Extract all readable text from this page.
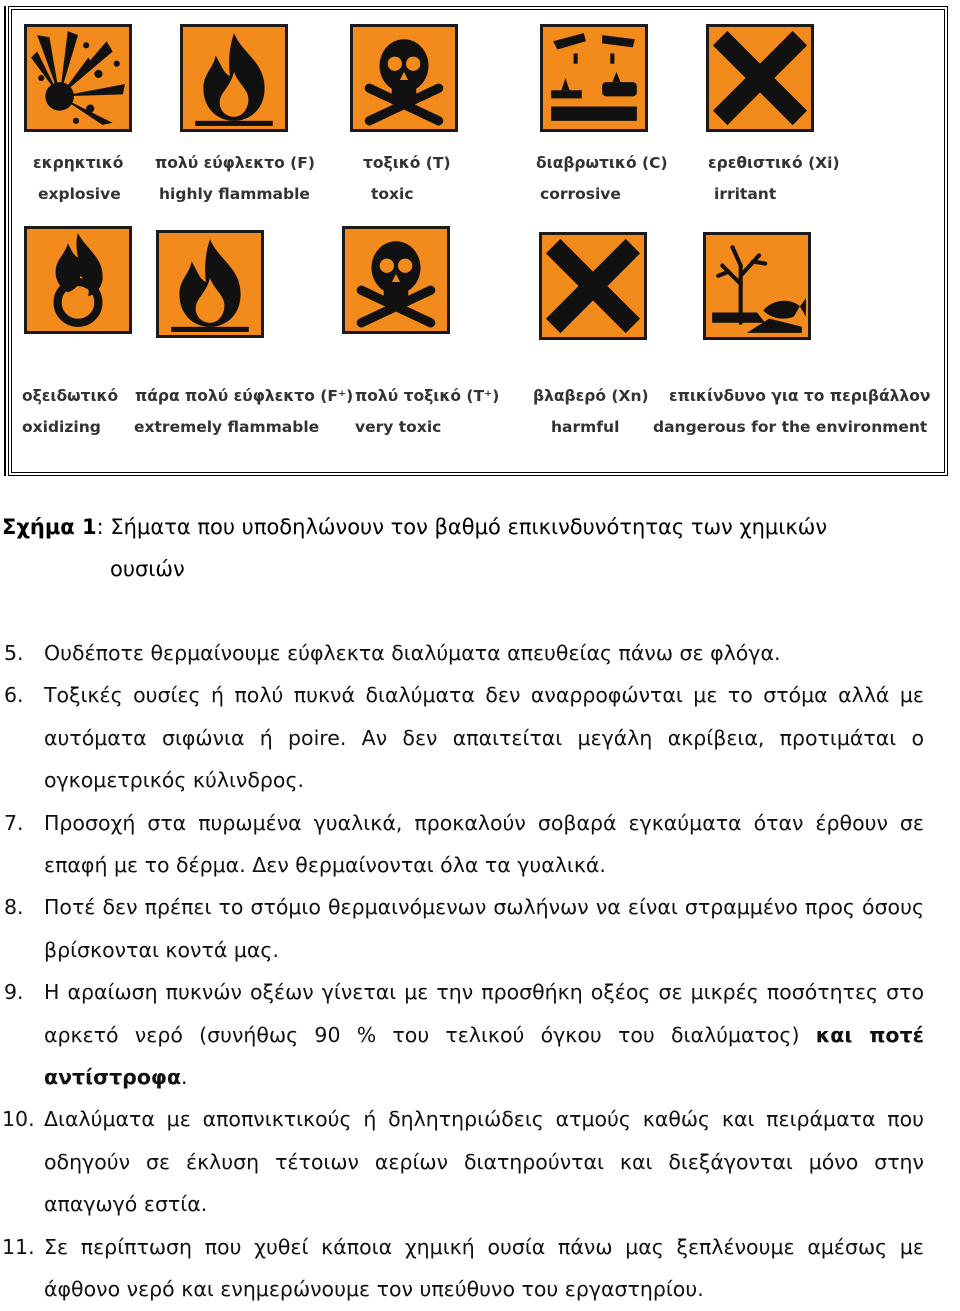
εκρηκτικό πολύ εύφλεκτο (F)	τοξικό (T)	διαβρωτικό (C)	ερεθιστικό (Xi)
explosive highly flammable	toxic	corrosive	irritant
οξειδωτικό πάρα πολύ εύφλεκτο (F⁺) πολύ τοξικό (T⁺) βλαβερό (Xn) επικίνδυνο για το περιβάλλον
oxidizing extremely flammable very toxic	harmful dangerous for the environment
Σχήμα 1: Σήματα που υποδηλώνουν τον βαθμό επικινδυνότητας των χημικών
ουσιών
5. Ουδέποτε θερμαίνουμε εύφλεκτα διαλύματα απευθείας πάνω σε φλόγα.
6. Τοξικές ουσίες ή πολύ πυκνά διαλύματα δεν αναρροφώνται με το στόμα αλλά με αυτόματα σιφώνια ή poire. Αν δεν απαιτείται μεγάλη ακρίβεια, προτιμάται ο ογκομετρικός κύλινδρος.
7. Προσοχή στα πυρωμένα γυαλικά, προκαλούν σοβαρά εγκαύματα όταν έρθουν σε επαφή με το δέρμα. Δεν θερμαίνονται όλα τα γυαλικά.
8. Ποτέ δεν πρέπει το στόμιο θερμαινόμενων σωλήνων να είναι στραμμένο προς όσους βρίσκονται κοντά μας.
9. Η αραίωση πυκνών οξέων γίνεται με την προσθήκη οξέος σε μικρές ποσότητες στο αρκετό νερό (συνήθως 90 % του τελικού όγκου του διαλύματος) και ποτέ αντίστροφα.
10. Διαλύματα με αποπνικτικούς ή δηλητηριώδεις ατμούς καθώς και πειράματα που οδηγούν σε έκλυση τέτοιων αερίων διατηρούνται και διεξάγονται μόνο στην απαγωγό εστία.
11. Σε περίπτωση που χυθεί κάποια χημική ουσία πάνω μας ξεπλένουμε αμέσως με άφθονο νερό και ενημερώνουμε τον υπεύθυνο του εργαστηρίου.
